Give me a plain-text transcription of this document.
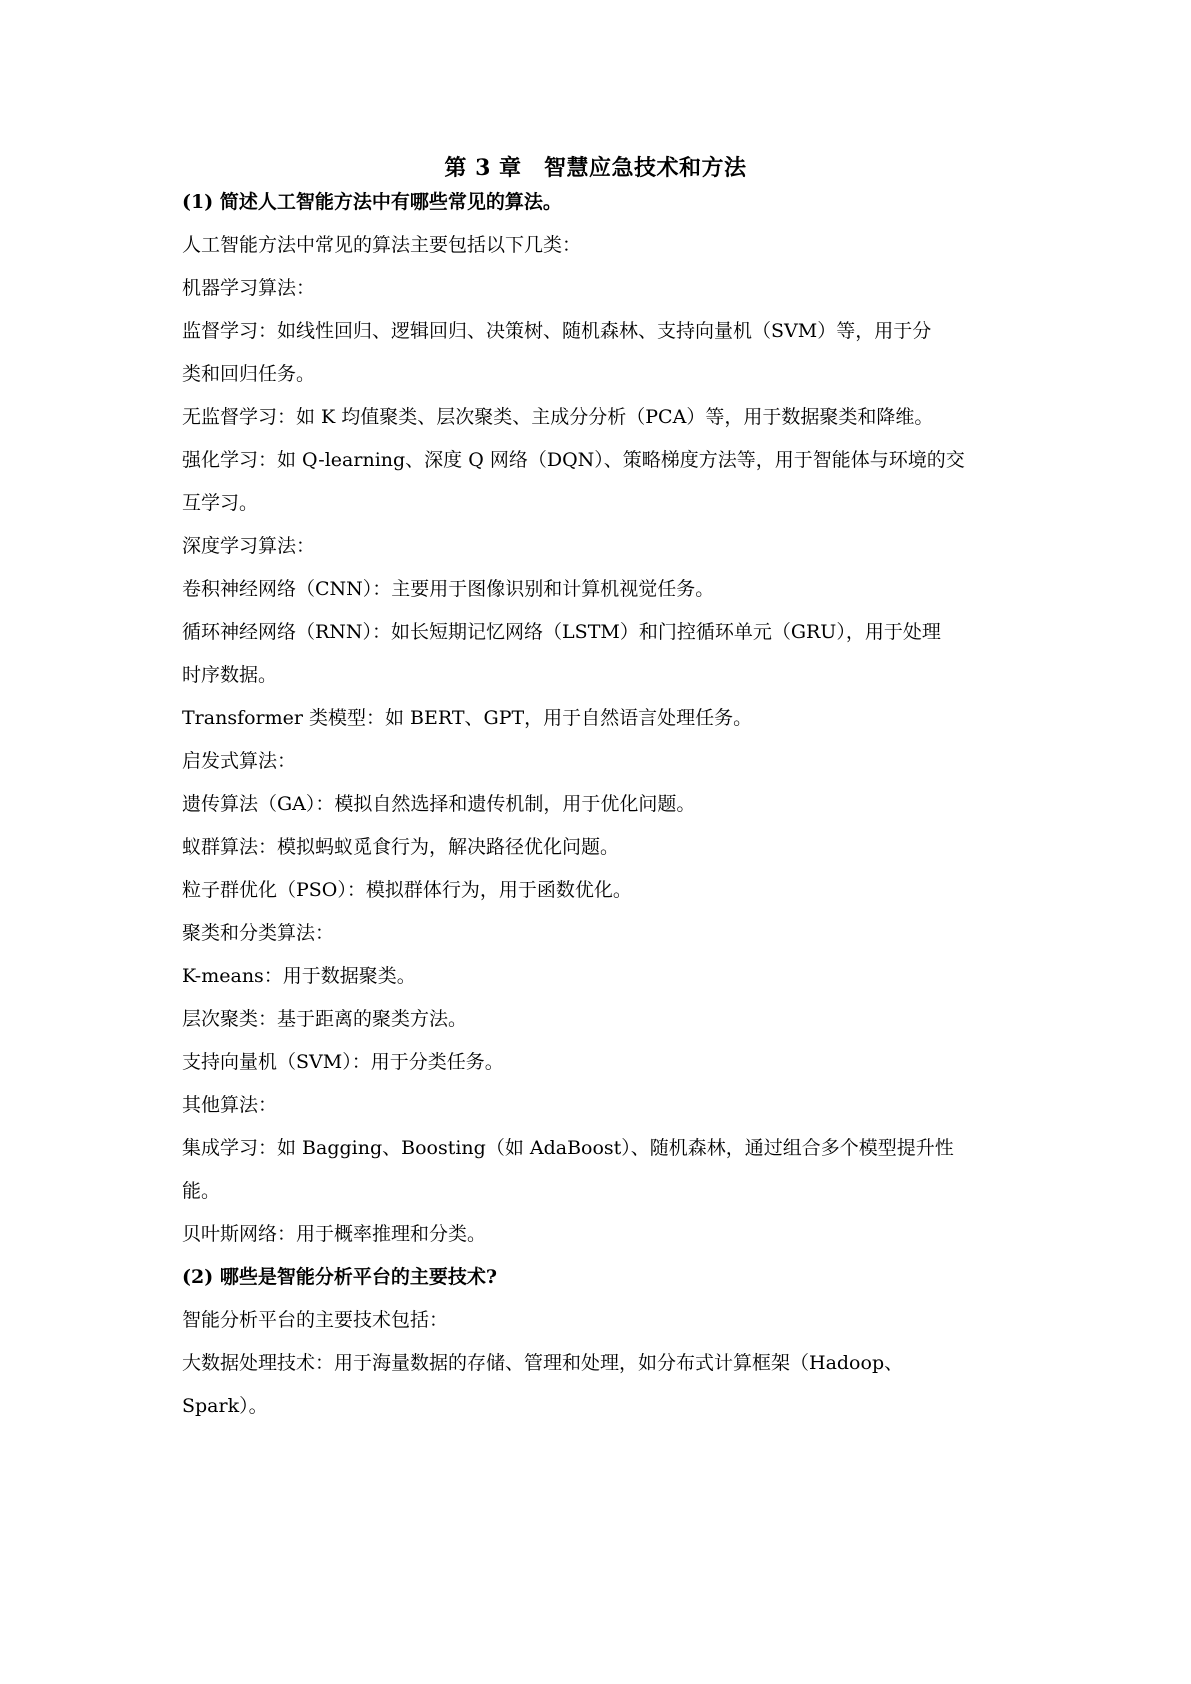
第 3 章　智慧应急技术和方法

(1) 简述人工智能方法中有哪些常见的算法。

人工智能方法中常见的算法主要包括以下几类：

机器学习算法：

监督学习：如线性回归、逻辑回归、决策树、随机森林、支持向量机（SVM）等，用于分

类和回归任务。

无监督学习：如 K 均值聚类、层次聚类、主成分分析（PCA）等，用于数据聚类和降维。

强化学习：如 Q-learning、深度 Q 网络（DQN）、策略梯度方法等，用于智能体与环境的交

互学习。

深度学习算法：

卷积神经网络（CNN）：主要用于图像识别和计算机视觉任务。

循环神经网络（RNN）：如长短期记忆网络（LSTM）和门控循环单元（GRU），用于处理

时序数据。

Transformer 类模型：如 BERT、GPT，用于自然语言处理任务。

启发式算法：

遗传算法（GA）：模拟自然选择和遗传机制，用于优化问题。

蚁群算法：模拟蚂蚁觅食行为，解决路径优化问题。

粒子群优化（PSO）：模拟群体行为，用于函数优化。

聚类和分类算法：

K-means：用于数据聚类。

层次聚类：基于距离的聚类方法。

支持向量机（SVM）：用于分类任务。

其他算法：

集成学习：如 Bagging、Boosting（如 AdaBoost）、随机森林，通过组合多个模型提升性

能。

贝叶斯网络：用于概率推理和分类。

(2) 哪些是智能分析平台的主要技术?

智能分析平台的主要技术包括：

大数据处理技术：用于海量数据的存储、管理和处理，如分布式计算框架（Hadoop、

Spark）。
